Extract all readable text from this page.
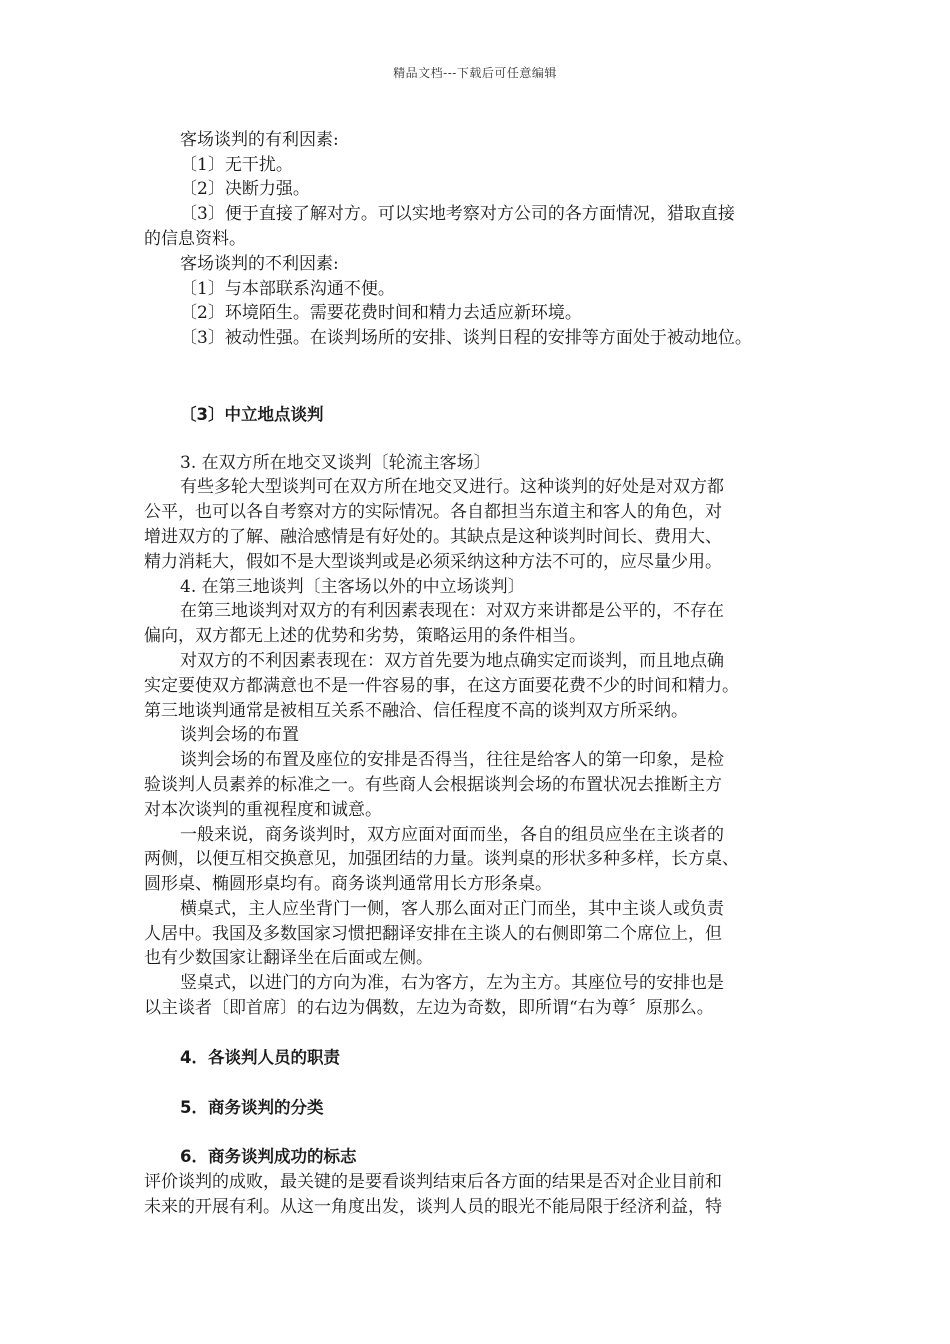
精品文档---下载后可任意编辑
客场谈判的有利因素:
〔1〕无干扰。
〔2〕决断力强。
〔3〕便于直接了解对方。可以实地考察对方公司的各方面情况，猎取直接
的信息资料。
客场谈判的不利因素:
〔1〕与本部联系沟通不便。
〔2〕环境陌生。需要花费时间和精力去适应新环境。
〔3〕被动性强。在谈判场所的安排、谈判日程的安排等方面处于被动地位。
〔3〕中立地点谈判
3. 在双方所在地交叉谈判〔轮流主客场〕
有些多轮大型谈判可在双方所在地交叉进行。这种谈判的好处是对双方都
公平，也可以各自考察对方的实际情况。各自都担当东道主和客人的角色，对
增进双方的了解、融洽感情是有好处的。其缺点是这种谈判时间长、费用大、
精力消耗大，假如不是大型谈判或是必须采纳这种方法不可的，应尽量少用。
4. 在第三地谈判〔主客场以外的中立场谈判〕
在第三地谈判对双方的有利因素表现在：对双方来讲都是公平的，不存在
偏向，双方都无上述的优势和劣势，策略运用的条件相当。
对双方的不利因素表现在：双方首先要为地点确实定而谈判，而且地点确
实定要使双方都满意也不是一件容易的事，在这方面要花费不少的时间和精力。
第三地谈判通常是被相互关系不融洽、信任程度不高的谈判双方所采纳。
谈判会场的布置
谈判会场的布置及座位的安排是否得当，往往是给客人的第一印象，是检
验谈判人员素养的标准之一。有些商人会根据谈判会场的布置状况去推断主方
对本次谈判的重视程度和诚意。
一般来说，商务谈判时，双方应面对面而坐，各自的组员应坐在主谈者的
两侧，以便互相交换意见，加强团结的力量。谈判桌的形状多种多样，长方桌、
圆形桌、椭圆形桌均有。商务谈判通常用长方形条桌。
横桌式，主人应坐背门一侧，客人那么面对正门而坐，其中主谈人或负责
人居中。我国及多数国家习惯把翻译安排在主谈人的右侧即第二个席位上，但
也有少数国家让翻译坐在后面或左侧。
竖桌式，以进门的方向为准，右为客方，左为主方。其座位号的安排也是
以主谈者〔即首席〕的右边为偶数，左边为奇数，即所谓“右为尊〞原那么。
4．各谈判人员的职责
5．商务谈判的分类
6．商务谈判成功的标志
评价谈判的成败，最关键的是要看谈判结束后各方面的结果是否对企业目前和
未来的开展有利。从这一角度出发，谈判人员的眼光不能局限于经济利益，特
